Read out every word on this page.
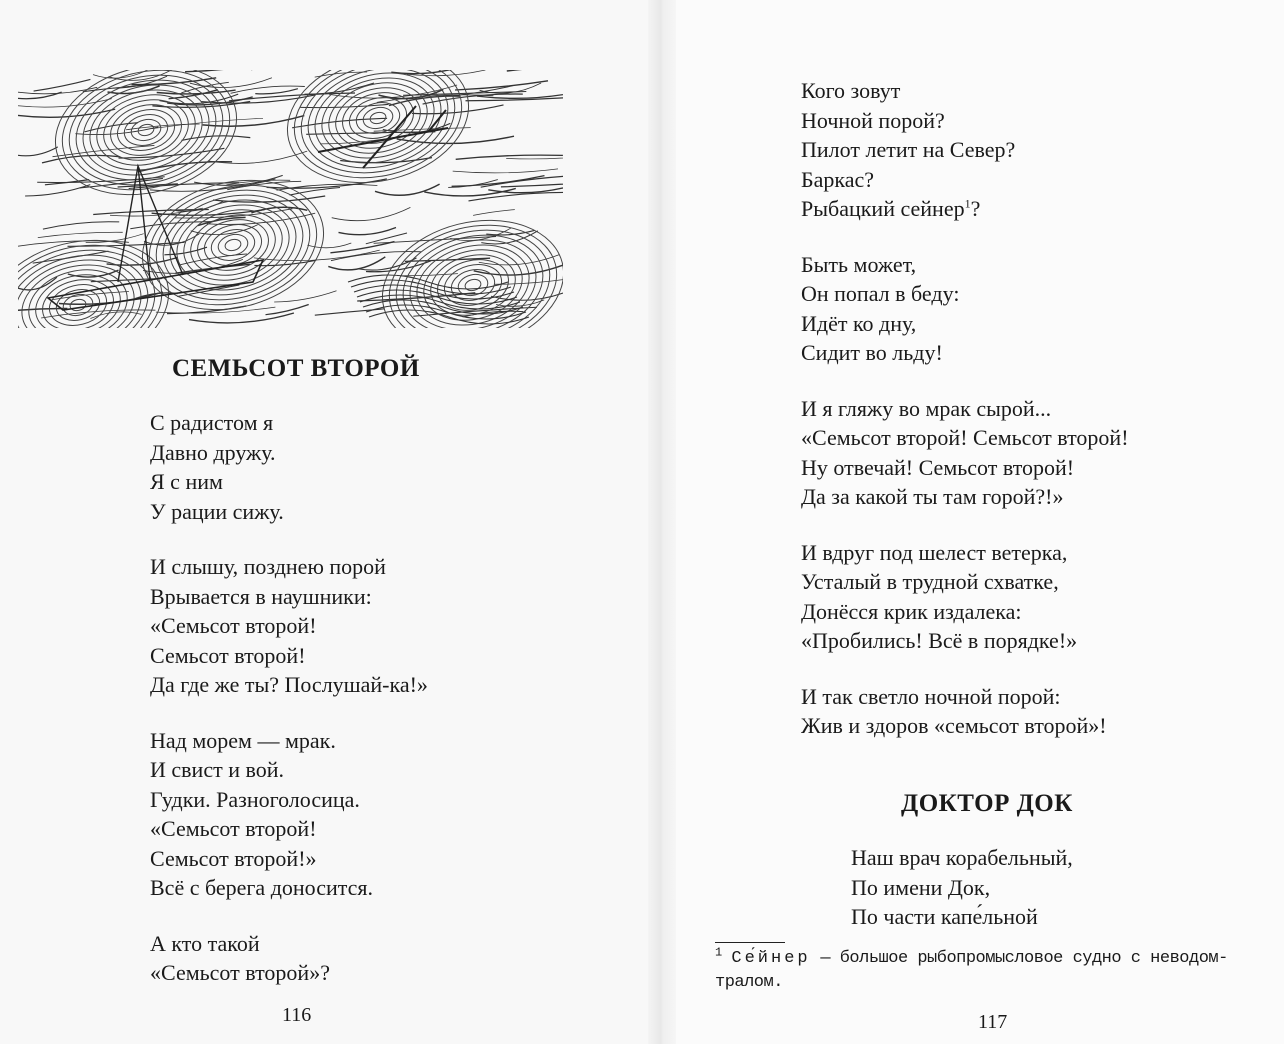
СЕМЬСОТ ВТОРОЙ
С радистом я
Давно дружу.
Я с ним
У рации сижу.
И слышу, позднею порой
Врывается в наушники:
«Семьсот второй!
Семьсот второй!
Да где же ты? Послушай-ка!»
Над морем — мрак.
И свист и вой.
Гудки. Разноголосица.
«Семьсот второй!
Семьсот второй!»
Всё с берега доносится.
А кто такой
«Семьсот второй»?
116
Кого зовут
Ночной порой?
Пилот летит на Север?
Баркас?
Рыбацкий сейнер$^1$?
Быть может,
Он попал в беду:
Идёт ко дну,
Сидит во льду!
И я гляжу во мрак сырой...
«Семьсот второй! Семьсот второй!
Ну отвечай! Семьсот второй!
Да за какой ты там горой?!»
И вдруг под шелест ветерка,
Усталый в трудной схватке,
Донёсся крик издалека:
«Пробились! Всё в порядке!»
И так светло ночной порой:
Жив и здоров «семьсот второй»!
ДОКТОР ДОК
Наш врач корабельный,
По имени Док,
По части капе́льной
$^1$ Се́йнер — большое рыбопромысловое судно с неводом-тралом.
117
